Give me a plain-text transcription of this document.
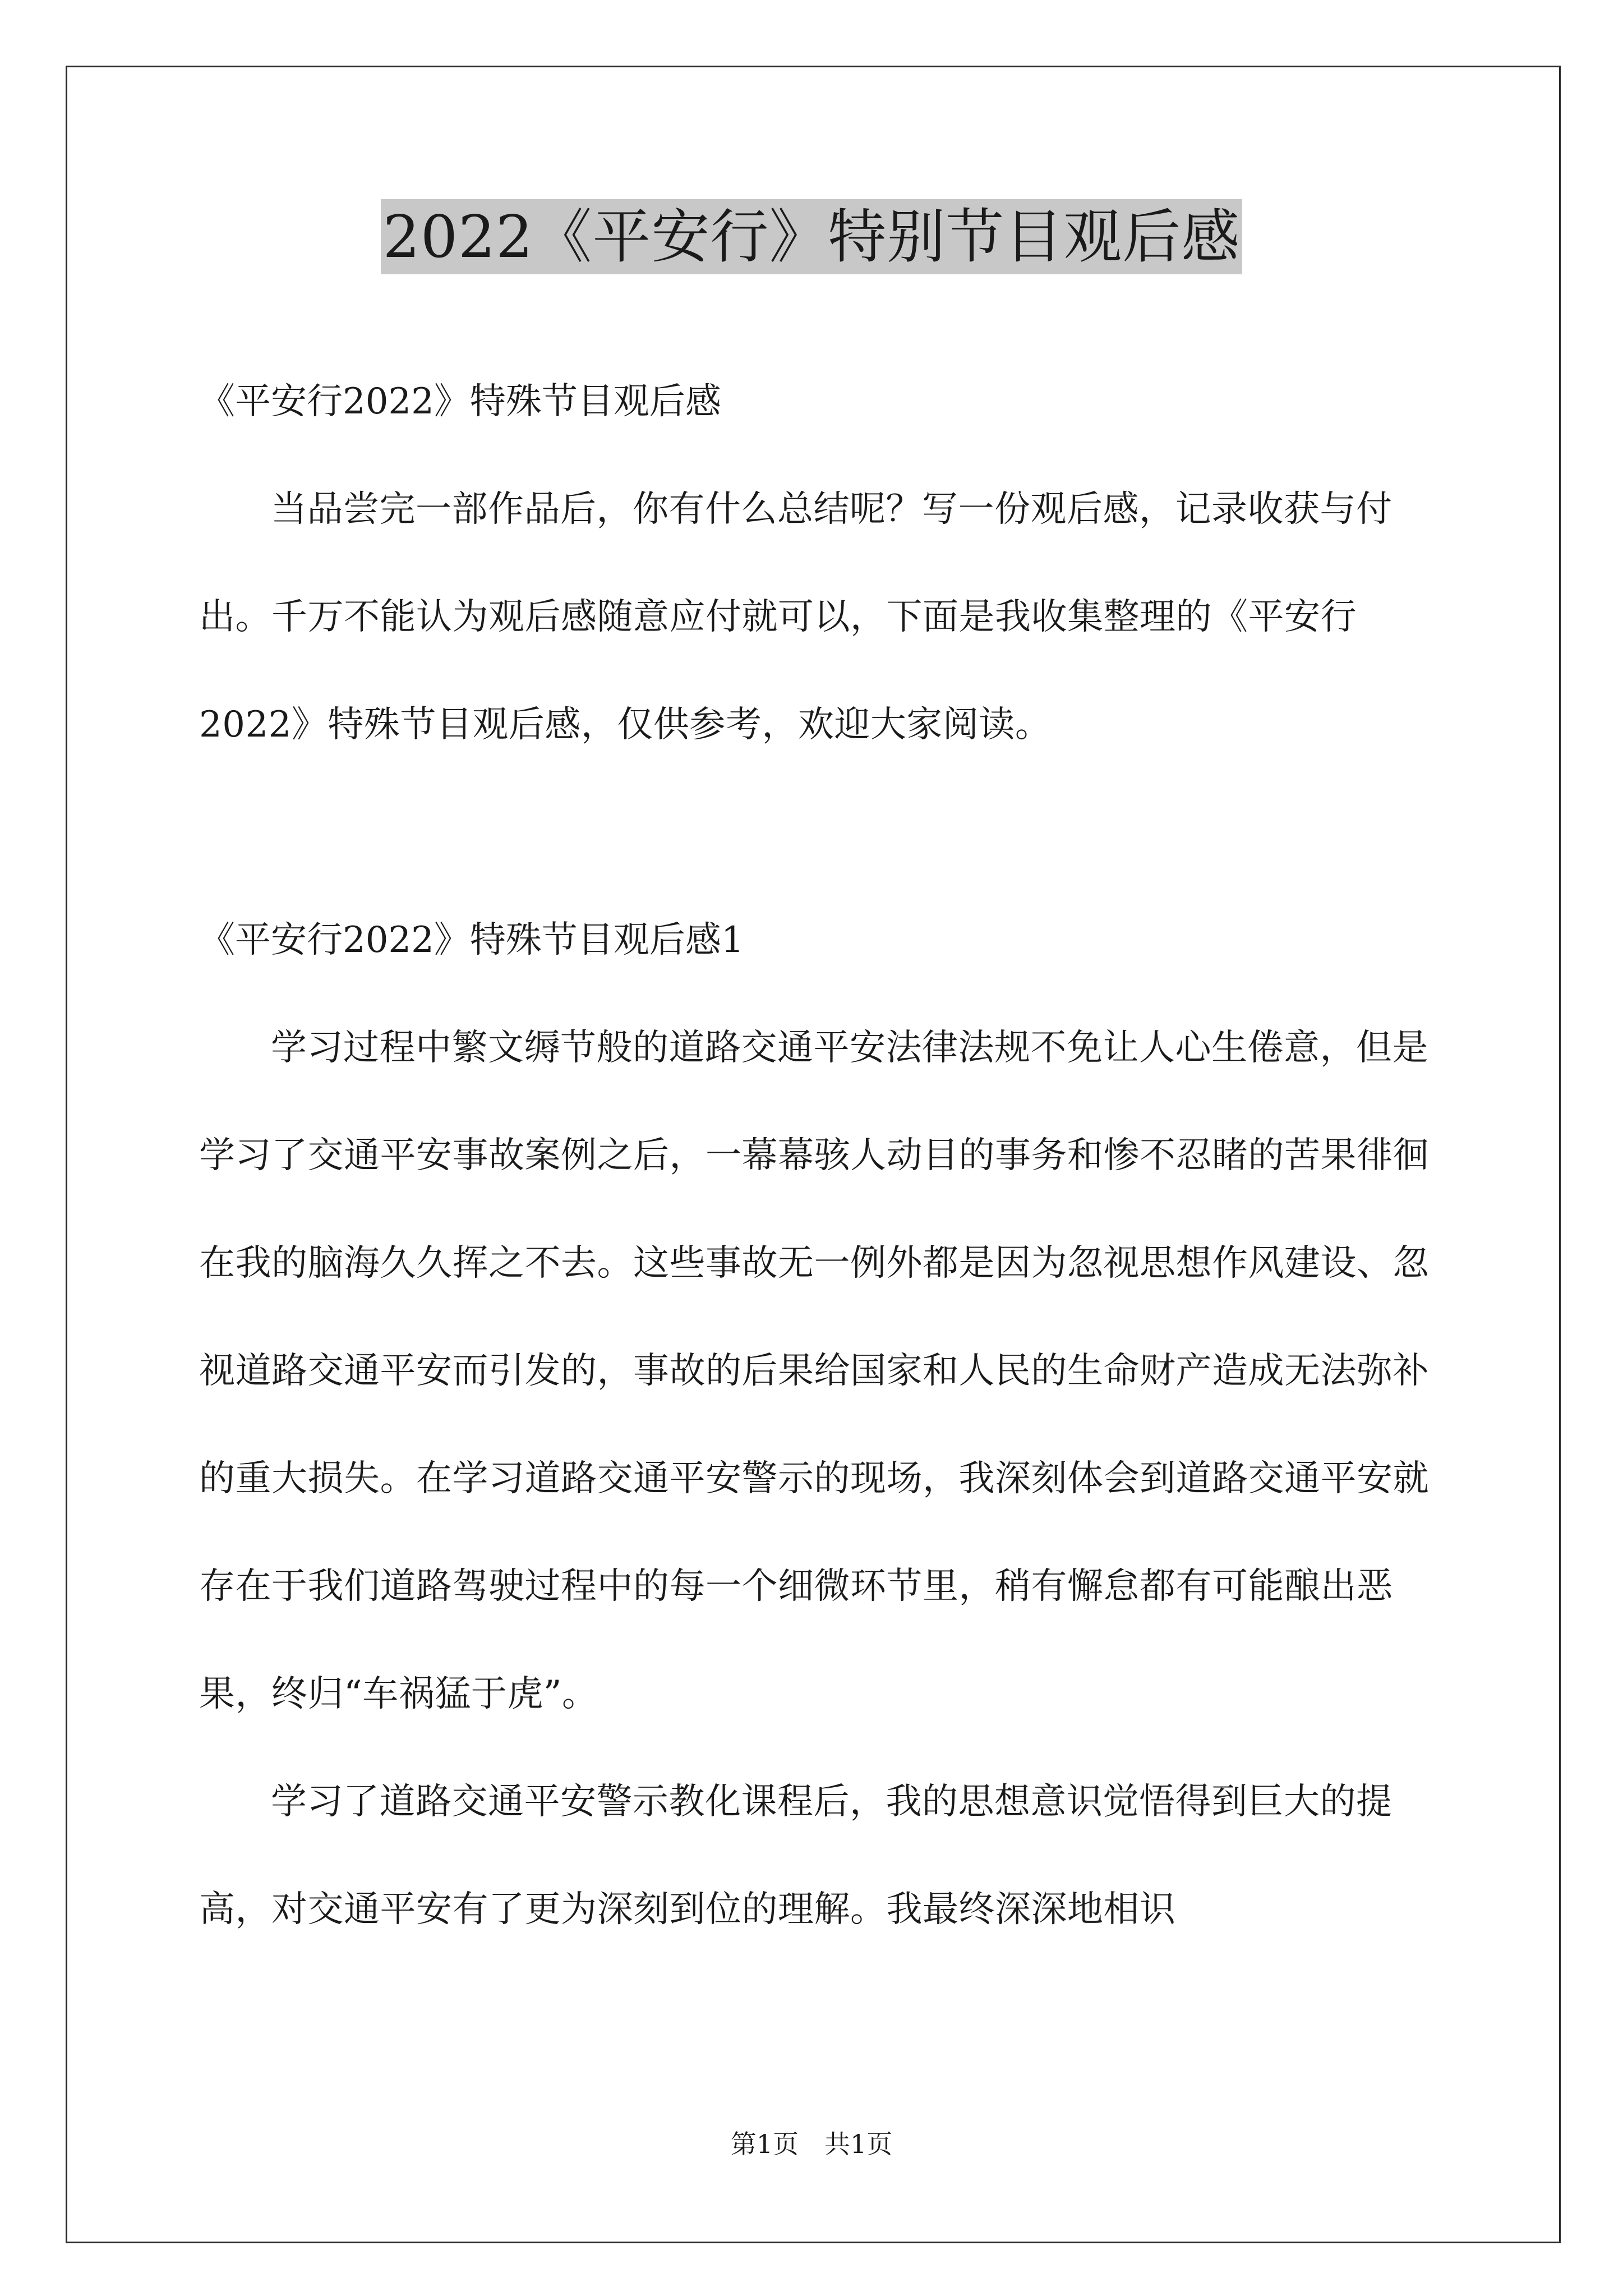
2022《平安行》特别节目观后感

《平安行2022》特殊节目观后感

当品尝完一部作品后，你有什么总结呢？写一份观后感，记录收获与付出。千万不能认为观后感随意应付就可以，下面是我收集整理的《平安行2022》特殊节目观后感，仅供参考，欢迎大家阅读。

《平安行2022》特殊节目观后感1

学习过程中繁文缛节般的道路交通平安法律法规不免让人心生倦意，但是学习了交通平安事故案例之后，一幕幕骇人动目的事务和惨不忍睹的苦果徘徊在我的脑海久久挥之不去。这些事故无一例外都是因为忽视思想作风建设、忽视道路交通平安而引发的，事故的后果给国家和人民的生命财产造成无法弥补的重大损失。在学习道路交通平安警示的现场，我深刻体会到道路交通平安就存在于我们道路驾驶过程中的每一个细微环节里，稍有懈怠都有可能酿出恶果，终归“车祸猛于虎”。

学习了道路交通平安警示教化课程后，我的思想意识觉悟得到巨大的提高，对交通平安有了更为深刻到位的理解。我最终深深地相识

第1页　共1页
